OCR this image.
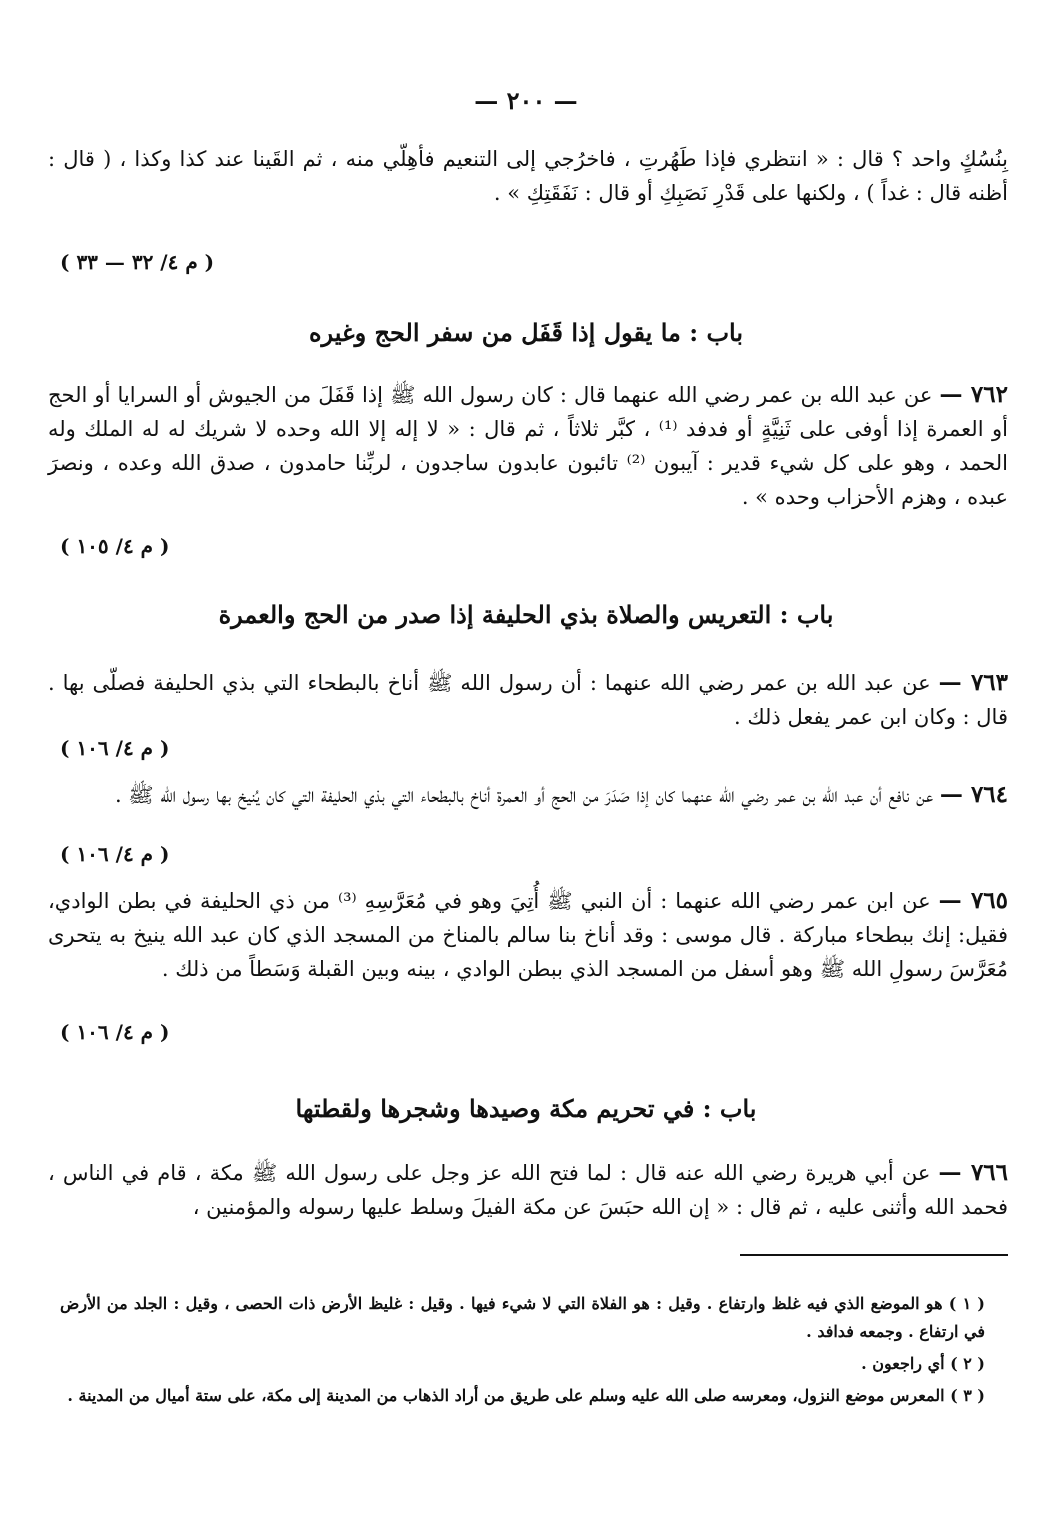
— ٢٠٠ —
بِنُسُكٍ واحد ؟ قال : « انتظري فإذا طَهُرتِ ، فاخرُجي إلى التنعيم فأهِلّي منه ، ثم القَينا عند كذا وكذا ، ( قال : أظنه قال : غداً ) ، ولكنها على قَدْرِ نَصَبِكِ أو قال : نَفَقَتِكِ » .
( م ٤/ ٣٢ — ٣٣ )
باب : ما يقول إذا قَفَل من سفر الحج وغيره
٧٦٢ — عن عبد الله بن عمر رضي الله عنهما قال : كان رسول الله ﷺ إذا قَفَلَ من الجيوش أو السرايا أو الحج أو العمرة إذا أوفى على ثَنِيَّةٍ أو فدفد ⁽¹⁾ ، كبَّر ثلاثاً ، ثم قال : « لا إله إلا الله وحده لا شريك له له الملك وله الحمد ، وهو على كل شيء قدير : آيبون ⁽²⁾ تائبون عابدون ساجدون ، لربِّنا حامدون ، صدق الله وعده ، ونصرَ عبده ، وهزم الأحزاب وحده » .
( م ٤/ ١٠٥ )
باب : التعريس والصلاة بذي الحليفة إذا صدر من الحج والعمرة
٧٦٣ — عن عبد الله بن عمر رضي الله عنهما : أن رسول الله ﷺ أناخ بالبطحاء التي بذي الحليفة فصلّى بها . قال : وكان ابن عمر يفعل ذلك .
( م ٤/ ١٠٦ )
٧٦٤ — عن نافع أن عبد الله بن عمر رضي الله عنهما كان إذا صَدَرَ من الحج أو العمرة أناخ بالبطحاء التي بذي الحليفة التي كان يُنيخ بها رسول الله ﷺ .
( م ٤/ ١٠٦ )
٧٦٥ — عن ابن عمر رضي الله عنهما : أن النبي ﷺ أُتِيَ وهو في مُعَرَّسِهِ ⁽³⁾ من ذي الحليفة في بطن الوادي، فقيل: إنك ببطحاء مباركة . قال موسى : وقد أناخ بنا سالم بالمناخ من المسجد الذي كان عبد الله ينيخ به يتحرى مُعَرَّسَ رسولِ الله ﷺ وهو أسفل من المسجد الذي ببطن الوادي ، بينه وبين القبلة وَسَطاً من ذلك .
( م ٤/ ١٠٦ )
باب : في تحريم مكة وصيدها وشجرها ولقطتها
٧٦٦ — عن أبي هريرة رضي الله عنه قال : لما فتح الله عز وجل على رسول الله ﷺ مكة ، قام في الناس ، فحمد الله وأثنى عليه ، ثم قال : « إن الله حبَسَ عن مكة الفيلَ وسلط عليها رسوله والمؤمنين ،
( ١ ) هو الموضع الذي فيه غلظ وارتفاع . وقيل : هو الفلاة التي لا شيء فيها . وقيل : غليظ الأرض ذات الحصى ، وقيل : الجلد من الأرض في ارتفاع . وجمعه فدافد .
( ٢ ) أي راجعون .
( ٣ ) المعرس موضع النزول، ومعرسه صلى الله عليه وسلم على طريق من أراد الذهاب من المدينة إلى مكة، على ستة أميال من المدينة .
